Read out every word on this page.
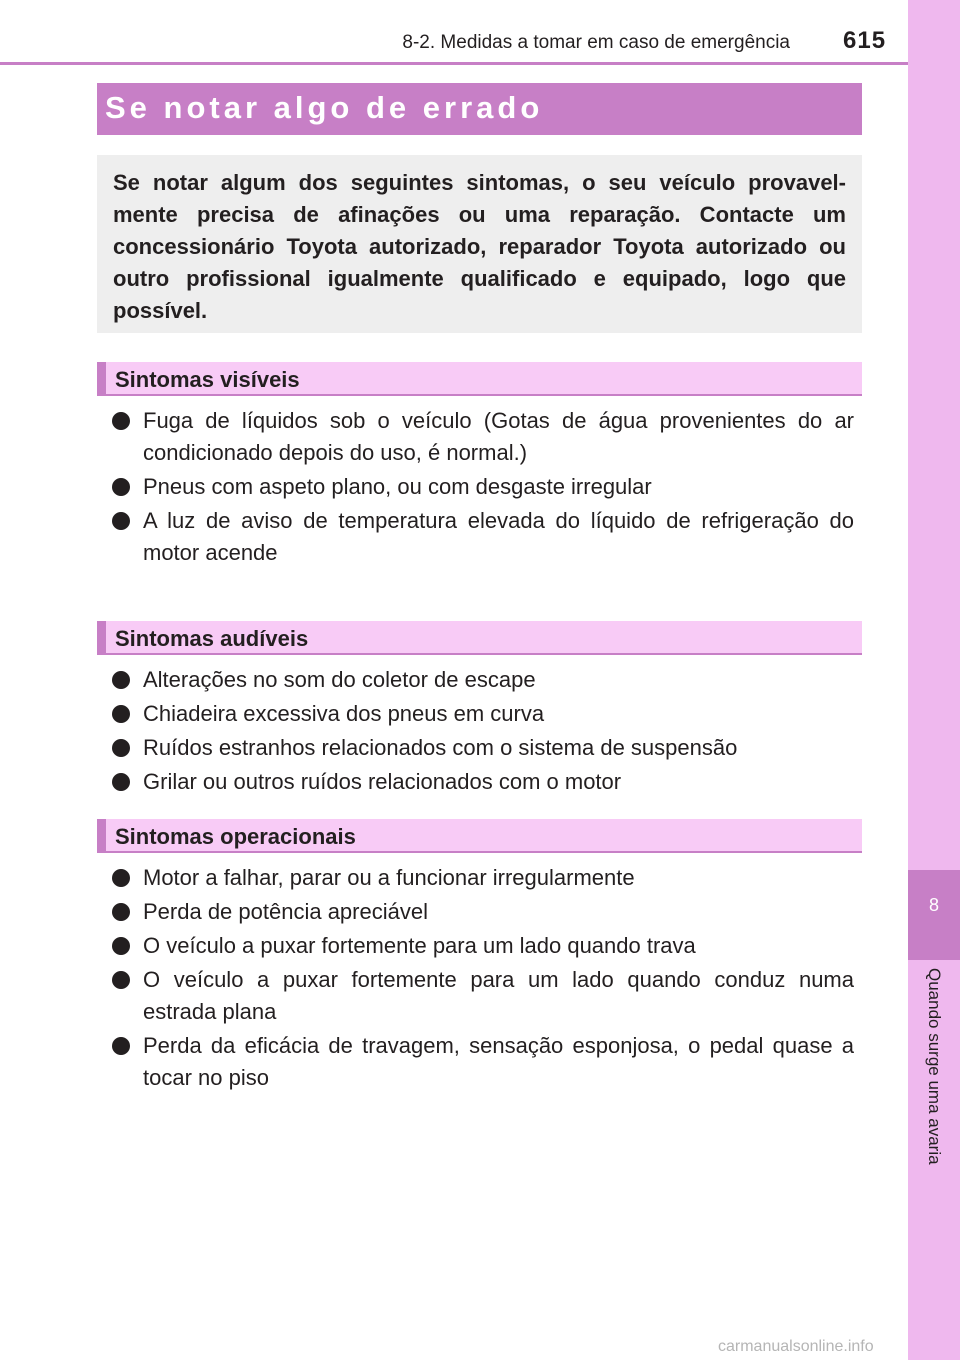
8-2. Medidas a tomar em caso de emergência 615
8
Quando surge uma avaria
Se notar algo de errado

Se notar algum dos seguintes sintomas, o seu veículo provavel-mente precisa de afinações ou uma reparação. Contacte um concessionário Toyota autorizado, reparador Toyota autorizado ou outro profissional igualmente qualificado e equipado, logo que possível.

Sintomas visíveis
Fuga de líquidos sob o veículo (Gotas de água provenientes do ar condicionado depois do uso, é normal.)
Pneus com aspeto plano, ou com desgaste irregular
A luz de aviso de temperatura elevada do líquido de refrigeração do motor acende
Sintomas audíveis
Alterações no som do coletor de escape
Chiadeira excessiva dos pneus em curva
Ruídos estranhos relacionados com o sistema de suspensão
Grilar ou outros ruídos relacionados com o motor
Sintomas operacionais
Motor a falhar, parar ou a funcionar irregularmente
Perda de potência apreciável
O veículo a puxar fortemente para um lado quando trava
O veículo a puxar fortemente para um lado quando conduz numa estrada plana
Perda da eficácia de travagem, sensação esponjosa, o pedal quase a tocar no piso
carmanualsonline.info
